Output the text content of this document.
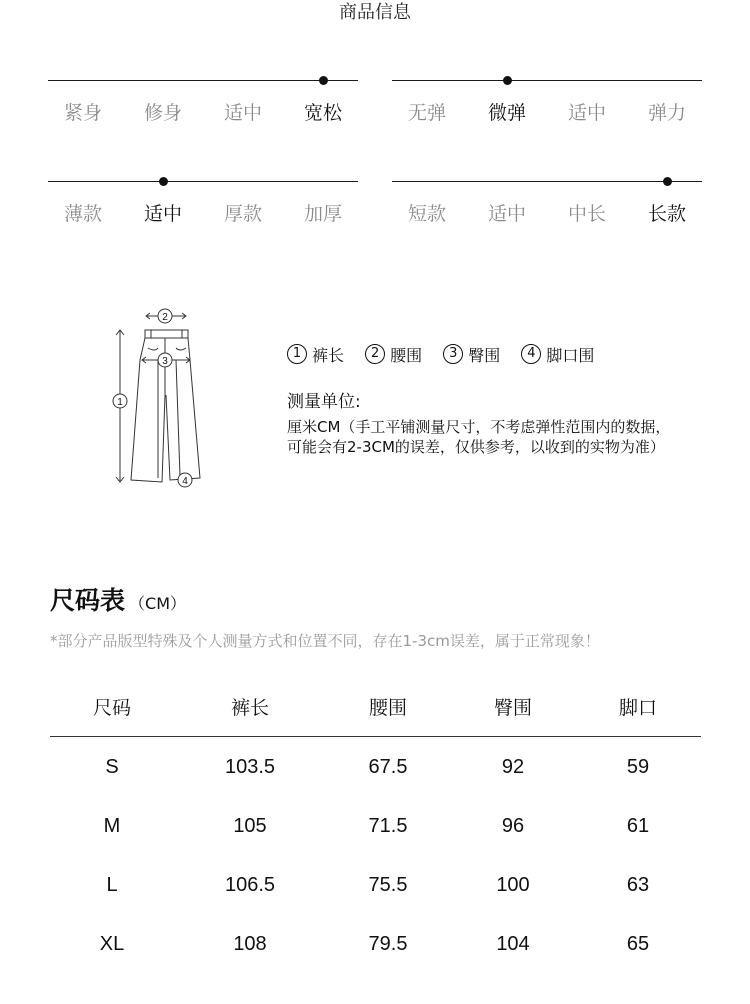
商品信息
紧身	修身	适中	宽松	无弹	微弹	适中	弹力
薄款	适中	厚款	加厚	短款	适中	中长	长款
1
2
3
4
1 裤长
	2 腰围
	3 臀围
	4 脚口围
测量单位:
厘米CM（手工平铺测量尺寸，不考虑弹性范围内的数据，
可能会有2-3CM的误差，仅供参考，以收到的实物为准）
尺码表 （CM）
*部分产品版型特殊及个人测量方式和位置不同，存在1-3cm误差，属于正常现象！
尺码	裤长	腰围	臀围	脚口
S	103.5	67.5	92	59
M	105	71.5	96	61
L	106.5	75.5	100	63
XL	108	79.5	104	65
